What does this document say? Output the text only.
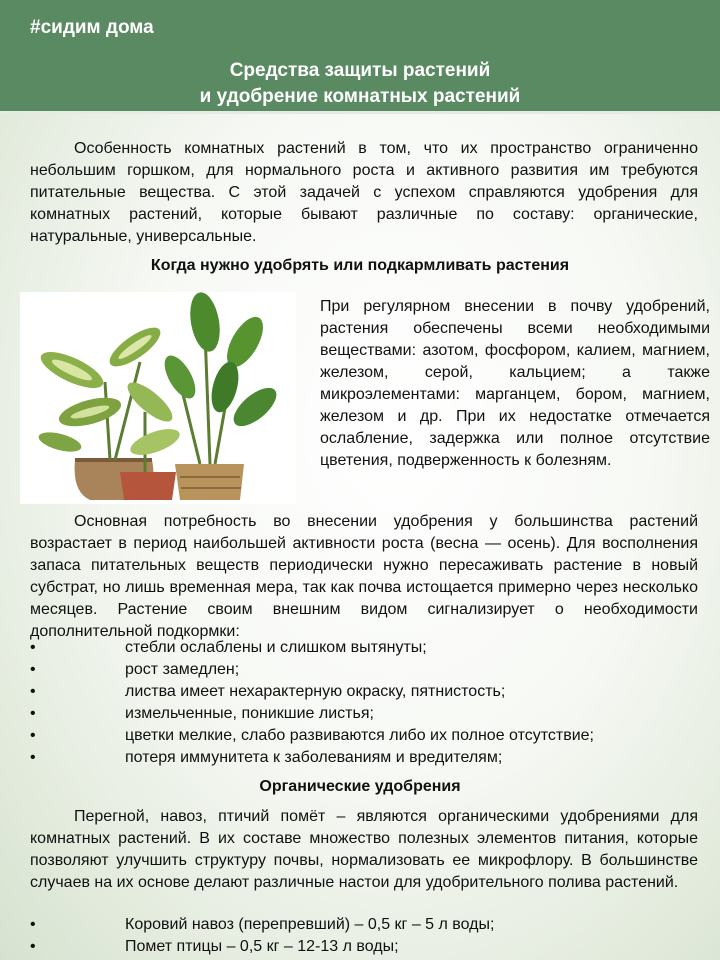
#сидим дома
Средства защиты растений
и удобрение комнатных растений

Особенность комнатных растений в том, что их пространство ограниченно небольшим горшком, для нормального роста и активного развития им требуются питательные вещества. С этой задачей с успехом справляются удобрения для комнатных растений, которые бывают различные по составу: органические, натуральные, универсальные.

Когда нужно удобрять или подкармливать растения

При регулярном внесении в почву удобрений, растения обеспечены всеми необходимыми веществами: азотом, фосфором, калием, магнием, железом, серой, кальцием; а также микроэлементами: марганцем, бором, магнием, железом и др. При их недостатке отмечается ослабление, задержка или полное отсутствие цветения, подверженность к болезням.

Основная потребность во внесении удобрения у большинства растений возрастает в период наибольшей активности роста (весна — осень). Для восполнения запаса питательных веществ периодически нужно пересаживать растение в новый субстрат, но лишь временная мера, так как почва истощается примерно через несколько месяцев. Растение своим внешним видом сигнализирует о необходимости дополнительной подкормки:

•	стебли ослаблены и слишком вытянуты;
•	рост замедлен;
•	листва имеет нехарактерную окраску, пятнистость;
•	измельченные, поникшие листья;
•	цветки мелкие, слабо развиваются либо их полное отсутствие;
•	потеря иммунитета к заболеваниям и вредителям;
Органические удобрения

Перегной, навоз, птичий помёт – являются органическими удобрениями для комнатных растений. В их составе множество полезных элементов питания, которые позволяют улучшить структуру почвы, нормализовать ее микрофлору. В большинстве случаев на их основе делают различные настои для удобрительного полива растений.

•	Коровий навоз (перепревший) – 0,5 кг – 5 л воды;
•	Помет птицы – 0,5 кг – 12-13 л воды;
